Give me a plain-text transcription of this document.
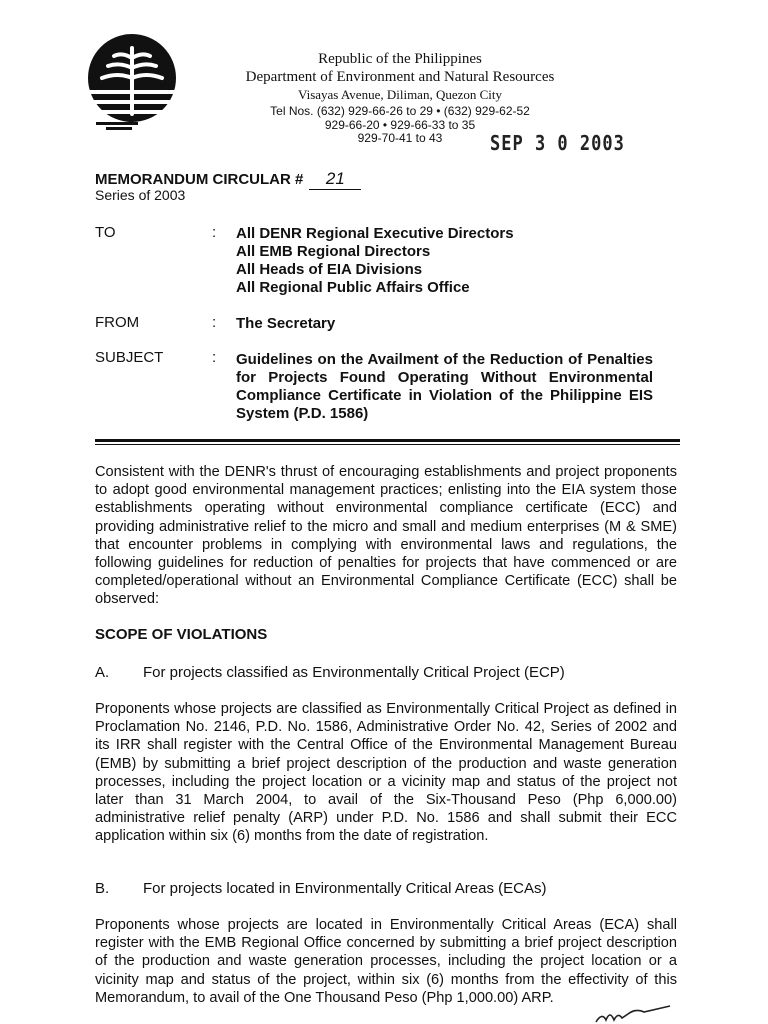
Republic of the Philippines
Department of Environment and Natural Resources
Visayas Avenue, Diliman, Quezon City
Tel Nos. (632) 929-66-26 to 29 • (632) 929-62-52
929-66-20 • 929-66-33 to 35
929-70-41 to 43	SEP 3 0 2003
MEMORANDUM CIRCULAR # 21
Series of 2003
TO	: All DENR Regional Executive Directors
All EMB Regional Directors
All Heads of EIA Divisions
All Regional Public Affairs Office
FROM	: The Secretary
SUBJECT	: Guidelines on the Availment of the Reduction of Penalties for Projects Found Operating Without Environmental Compliance Certificate in Violation of the Philippine EIS System (P.D. 1586)
Consistent with the DENR's thrust of encouraging establishments and project proponents to adopt good environmental management practices; enlisting into the EIA system those establishments operating without environmental compliance certificate (ECC) and providing administrative relief to the micro and small and medium enterprises (M & SME) that encounter problems in complying with environmental laws and regulations, the following guidelines for reduction of penalties for projects that have commenced or are completed/operational without an Environmental Compliance Certificate (ECC) shall be observed:
SCOPE OF VIOLATIONS
A. For projects classified as Environmentally Critical Project (ECP)
Proponents whose projects are classified as Environmentally Critical Project as defined in Proclamation No. 2146, P.D. No. 1586, Administrative Order No. 42, Series of 2002 and its IRR shall register with the Central Office of the Environmental Management Bureau (EMB) by submitting a brief project description of the production and waste generation processes, including the project location or a vicinity map and status of the project not later than 31 March 2004, to avail of the Six-Thousand Peso (Php 6,000.00) administrative relief penalty (ARP) under P.D. No. 1586 and shall submit their ECC application within six (6) months from the date of registration.
B. For projects located in Environmentally Critical Areas (ECAs)
Proponents whose projects are located in Environmentally Critical Areas (ECA) shall register with the EMB Regional Office concerned by submitting a brief project description of the production and waste generation processes, including the project location or a vicinity map and status of the project, within six (6) months from the effectivity of this Memorandum, to avail of the One Thousand Peso (Php 1,000.00) ARP.
